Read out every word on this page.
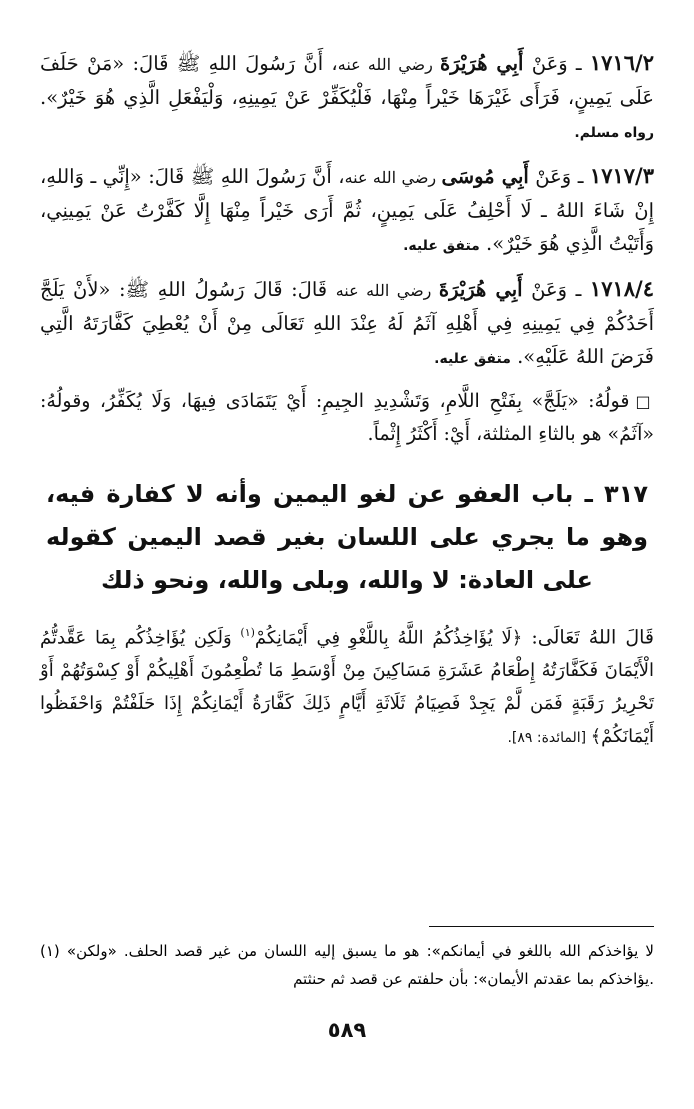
١٧١٦/٢ ـ وَعَنْ أَبِي هُرَيْرَةَ رضي الله عنه، أَنَّ رَسُولَ اللهِ ﷺ قَالَ: «مَنْ حَلَفَ عَلَى يَمِينٍ، فَرَأَى غَيْرَهَا خَيْراً مِنْهَا، فَلْيُكَفِّرْ عَنْ يَمِينِهِ، وَلْيَفْعَلِ الَّذِي هُوَ خَيْرٌ». رواه مسلم.

١٧١٧/٣ ـ وَعَنْ أَبِي مُوسَى رضي الله عنه، أَنَّ رَسُولَ اللهِ ﷺ قَالَ: «إِنِّي ـ وَاللهِ، إِنْ شَاءَ اللهُ ـ لَا أَحْلِفُ عَلَى يَمِينٍ، ثُمَّ أَرَى خَيْراً مِنْهَا إِلَّا كَفَّرْتُ عَنْ يَمِينِي، وَأَتَيْتُ الَّذِي هُوَ خَيْرٌ». متفق عليه.

١٧١٨/٤ ـ وَعَنْ أَبِي هُرَيْرَةَ رضي الله عنه قَالَ: قَالَ رَسُولُ اللهِ ﷺ: «لأَنْ يَلَجَّ أَحَدُكُمْ فِي يَمِينِهِ فِي أَهْلِهِ آثَمُ لَهُ عِنْدَ اللهِ تَعَالَى مِنْ أَنْ يُعْطِيَ كَفَّارَتَهُ الَّتِي فَرَضَ اللهُ عَلَيْهِ». متفق عليه.

□ قولُهُ: «يَلَجَّ» بِفَتْحِ اللَّامِ، وَتَشْدِيدِ الجِيمِ: أَيْ يَتَمَادَى فِيهَا، وَلَا يُكَفِّرُ، وقولُهُ: «آثَمُ» هو بالثاءِ المثلثة، أَيْ: أَكْثَرُ إِثْماً.

٣١٧ ـ باب العفو عن لغو اليمين وأنه لا كفارة فيه، وهو ما يجري على اللسان بغير قصد اليمين كقوله على العادة: لا والله، وبلى والله، ونحو ذلك

قَالَ اللهُ تَعَالَى: ﴿لَا يُؤَاخِذُكُمُ اللَّهُ بِاللَّغْوِ فِي أَيْمَانِكُمْ$^{(١)}$ وَلَكِن يُؤَاخِذُكُم بِمَا عَقَّدتُّمُ الْأَيْمَانَ فَكَفَّارَتُهُ إِطْعَامُ عَشَرَةِ مَسَاكِينَ مِنْ أَوْسَطِ مَا تُطْعِمُونَ أَهْلِيكُمْ أَوْ كِسْوَتُهُمْ أَوْ تَحْرِيرُ رَقَبَةٍ فَمَن لَّمْ يَجِدْ فَصِيَامُ ثَلَاثَةِ أَيَّامٍ ذَلِكَ كَفَّارَةُ أَيْمَانِكُمْ إِذَا حَلَفْتُمْ وَاحْفَظُوا أَيْمَانَكُمْ﴾ [المائدة: ٨٩].

(١) «لا يؤاخذكم الله باللغو في أيمانكم»: هو ما يسبق إليه اللسان من غير قصد الحلف. «ولكن يؤاخذكم بما عقدتم الأيمان»: بأن حلفتم عن قصد ثم حنثتم.

٥٨٩
